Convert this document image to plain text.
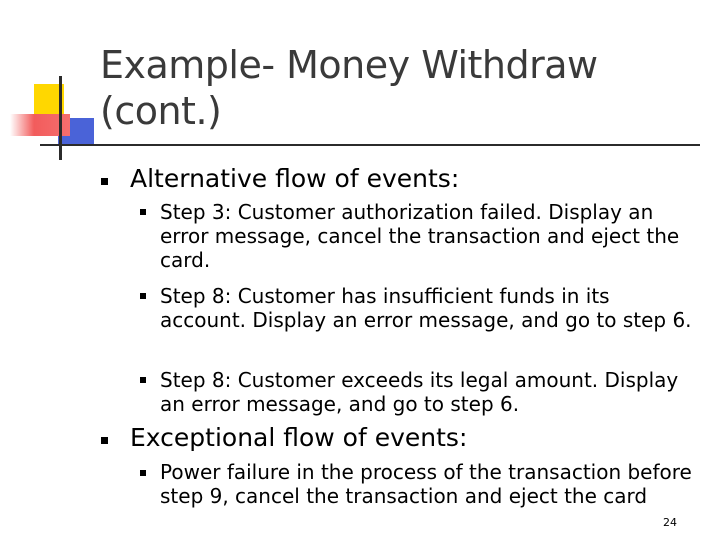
Example- Money Withdraw
(cont.)
Alternative flow of events:
Step 3: Customer authorization failed. Display an error message, cancel the transaction and eject the card.
Step 8: Customer has insufficient funds in its account. Display an error message, and go to step 6.
Step 8: Customer exceeds its legal amount. Display an error message, and go to step 6.
Exceptional flow of events:
Power failure in the process of the transaction before step 9, cancel the transaction and eject the card
24
